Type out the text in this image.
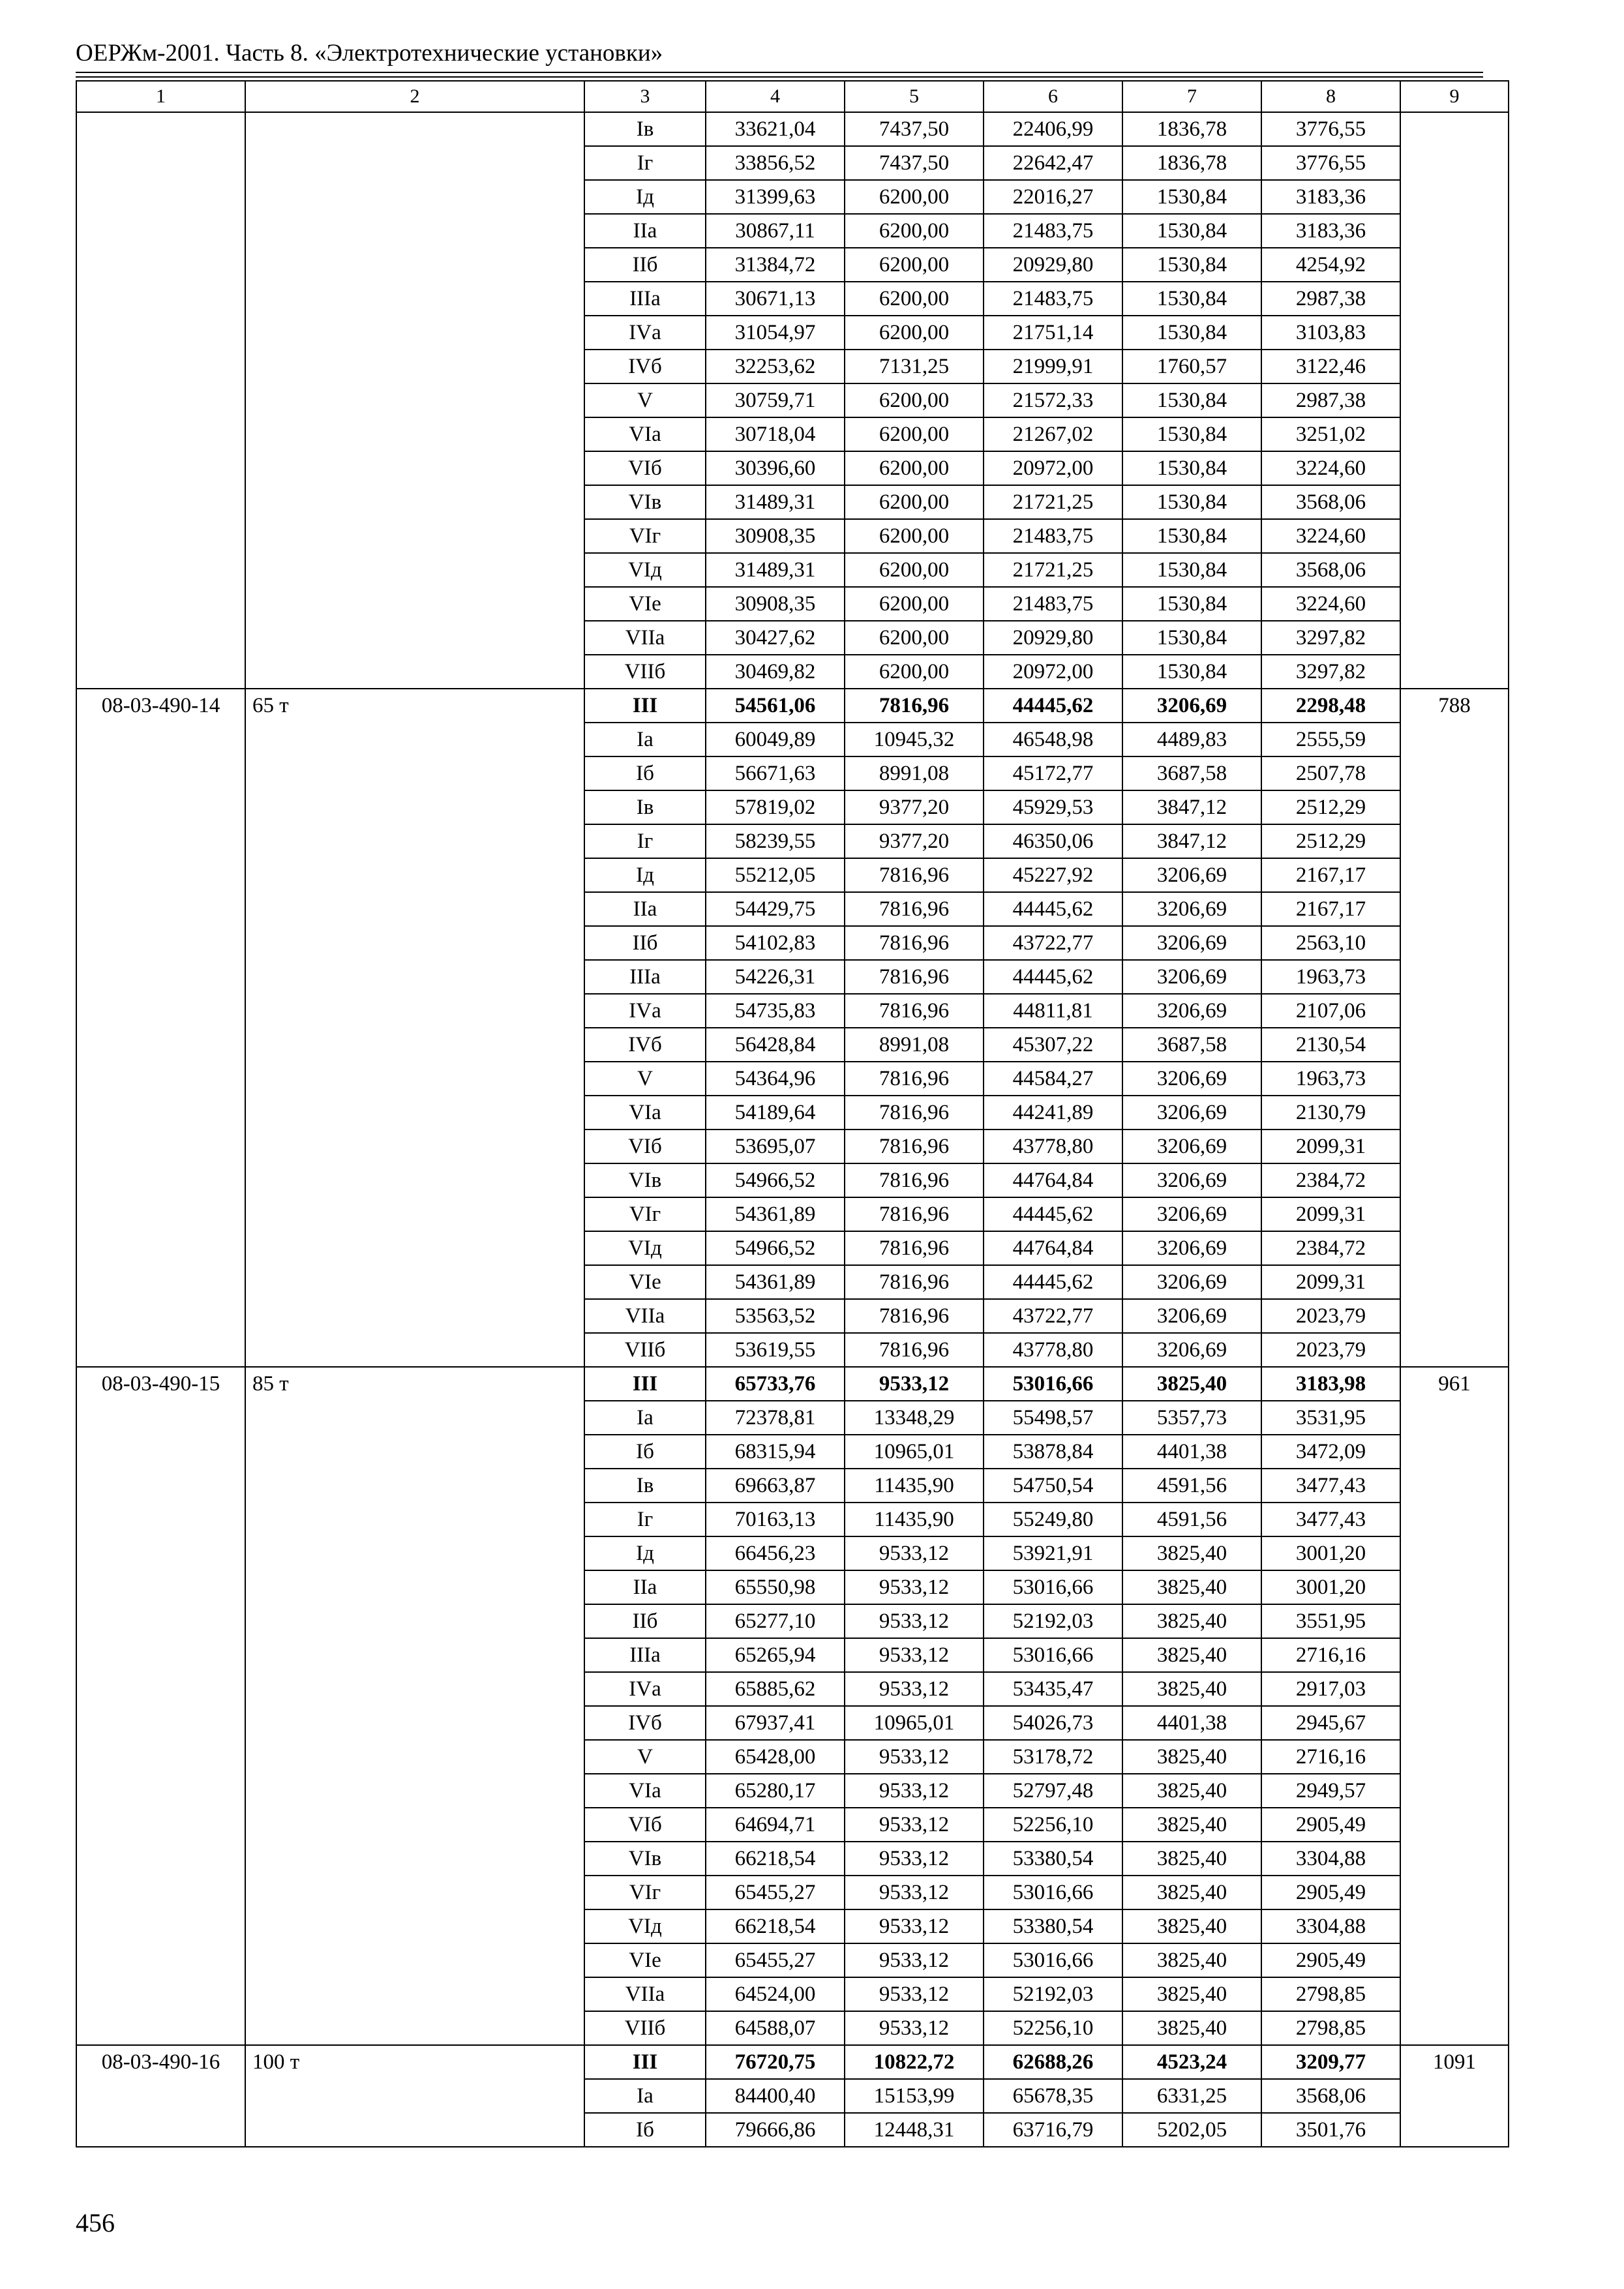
ОЕРЖм-2001. Часть 8. «Электротехнические установки»
1	2	3	4	5	6	7	8	9
		Iв	33621,04	7437,50	22406,99	1836,78	3776,55	
		Iг	33856,52	7437,50	22642,47	1836,78	3776,55	
		Iд	31399,63	6200,00	22016,27	1530,84	3183,36	
		IIа	30867,11	6200,00	21483,75	1530,84	3183,36	
		IIб	31384,72	6200,00	20929,80	1530,84	4254,92	
		IIIа	30671,13	6200,00	21483,75	1530,84	2987,38	
		IVа	31054,97	6200,00	21751,14	1530,84	3103,83	
		IVб	32253,62	7131,25	21999,91	1760,57	3122,46	
		V	30759,71	6200,00	21572,33	1530,84	2987,38	
		VIа	30718,04	6200,00	21267,02	1530,84	3251,02	
		VIб	30396,60	6200,00	20972,00	1530,84	3224,60	
		VIв	31489,31	6200,00	21721,25	1530,84	3568,06	
		VIг	30908,35	6200,00	21483,75	1530,84	3224,60	
		VIд	31489,31	6200,00	21721,25	1530,84	3568,06	
		VIе	30908,35	6200,00	21483,75	1530,84	3224,60	
		VIIа	30427,62	6200,00	20929,80	1530,84	3297,82	
		VIIб	30469,82	6200,00	20972,00	1530,84	3297,82	
08-03-490-14	65 т	III	54561,06	7816,96	44445,62	3206,69	2298,48	788
		Iа	60049,89	10945,32	46548,98	4489,83	2555,59	
		Iб	56671,63	8991,08	45172,77	3687,58	2507,78	
		Iв	57819,02	9377,20	45929,53	3847,12	2512,29	
		Iг	58239,55	9377,20	46350,06	3847,12	2512,29	
		Iд	55212,05	7816,96	45227,92	3206,69	2167,17	
		IIа	54429,75	7816,96	44445,62	3206,69	2167,17	
		IIб	54102,83	7816,96	43722,77	3206,69	2563,10	
		IIIа	54226,31	7816,96	44445,62	3206,69	1963,73	
		IVа	54735,83	7816,96	44811,81	3206,69	2107,06	
		IVб	56428,84	8991,08	45307,22	3687,58	2130,54	
		V	54364,96	7816,96	44584,27	3206,69	1963,73	
		VIа	54189,64	7816,96	44241,89	3206,69	2130,79	
		VIб	53695,07	7816,96	43778,80	3206,69	2099,31	
		VIв	54966,52	7816,96	44764,84	3206,69	2384,72	
		VIг	54361,89	7816,96	44445,62	3206,69	2099,31	
		VIд	54966,52	7816,96	44764,84	3206,69	2384,72	
		VIе	54361,89	7816,96	44445,62	3206,69	2099,31	
		VIIа	53563,52	7816,96	43722,77	3206,69	2023,79	
		VIIб	53619,55	7816,96	43778,80	3206,69	2023,79	
08-03-490-15	85 т	III	65733,76	9533,12	53016,66	3825,40	3183,98	961
		Iа	72378,81	13348,29	55498,57	5357,73	3531,95	
		Iб	68315,94	10965,01	53878,84	4401,38	3472,09	
		Iв	69663,87	11435,90	54750,54	4591,56	3477,43	
		Iг	70163,13	11435,90	55249,80	4591,56	3477,43	
		Iд	66456,23	9533,12	53921,91	3825,40	3001,20	
		IIа	65550,98	9533,12	53016,66	3825,40	3001,20	
		IIб	65277,10	9533,12	52192,03	3825,40	3551,95	
		IIIа	65265,94	9533,12	53016,66	3825,40	2716,16	
		IVа	65885,62	9533,12	53435,47	3825,40	2917,03	
		IVб	67937,41	10965,01	54026,73	4401,38	2945,67	
		V	65428,00	9533,12	53178,72	3825,40	2716,16	
		VIа	65280,17	9533,12	52797,48	3825,40	2949,57	
		VIб	64694,71	9533,12	52256,10	3825,40	2905,49	
		VIв	66218,54	9533,12	53380,54	3825,40	3304,88	
		VIг	65455,27	9533,12	53016,66	3825,40	2905,49	
		VIд	66218,54	9533,12	53380,54	3825,40	3304,88	
		VIе	65455,27	9533,12	53016,66	3825,40	2905,49	
		VIIа	64524,00	9533,12	52192,03	3825,40	2798,85	
		VIIб	64588,07	9533,12	52256,10	3825,40	2798,85	
08-03-490-16	100 т	III	76720,75	10822,72	62688,26	4523,24	3209,77	1091
		Iа	84400,40	15153,99	65678,35	6331,25	3568,06	
		Iб	79666,86	12448,31	63716,79	5202,05	3501,76	
456
